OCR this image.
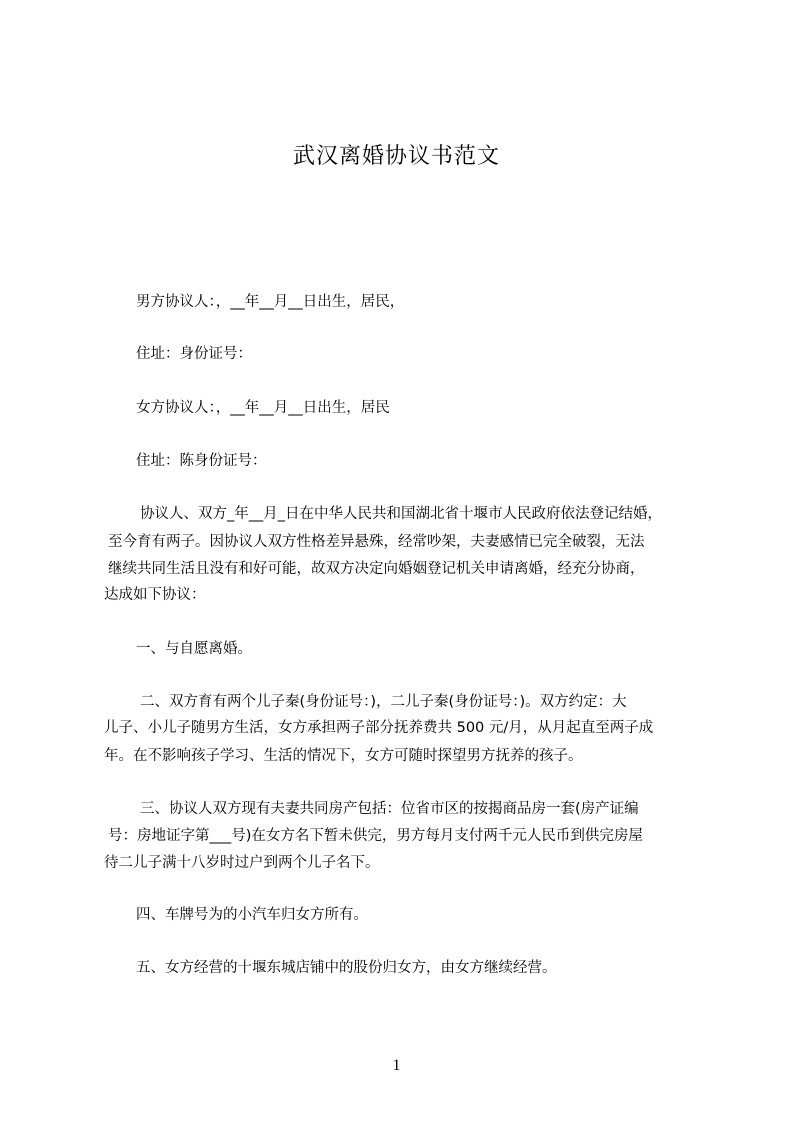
武汉离婚协议书范文
男方协议人：，__年__月__日出生，居民，
住址：身份证号：
女方协议人：，__年__月__日出生，居民
住址：陈身份证号：
协议人、双方_年__月_日在中华人民共和国湖北省十堰市人民政府依法登记结婚，
至今育有两子。因协议人双方性格差异悬殊，经常吵架，夫妻感情已完全破裂，无法
继续共同生活且没有和好可能，故双方决定向婚姻登记机关申请离婚，经充分协商，
达成如下协议：
一、与自愿离婚。
二、双方育有两个儿子秦(身份证号：)，二儿子秦(身份证号：)。双方约定：大
儿子、小儿子随男方生活，女方承担两子部分抚养费共 500 元/月，从月起直至两子成
年。在不影响孩子学习、生活的情况下，女方可随时探望男方抚养的孩子。
三、协议人双方现有夫妻共同房产包括：位省市区的按揭商品房一套(房产证编
号：房地证字第___号)在女方名下暂未供完，男方每月支付两千元人民币到供完房屋
待二儿子满十八岁时过户到两个儿子名下。
四、车牌号为的小汽车归女方所有。
五、女方经营的十堰东城店铺中的股份归女方，由女方继续经营。
1
